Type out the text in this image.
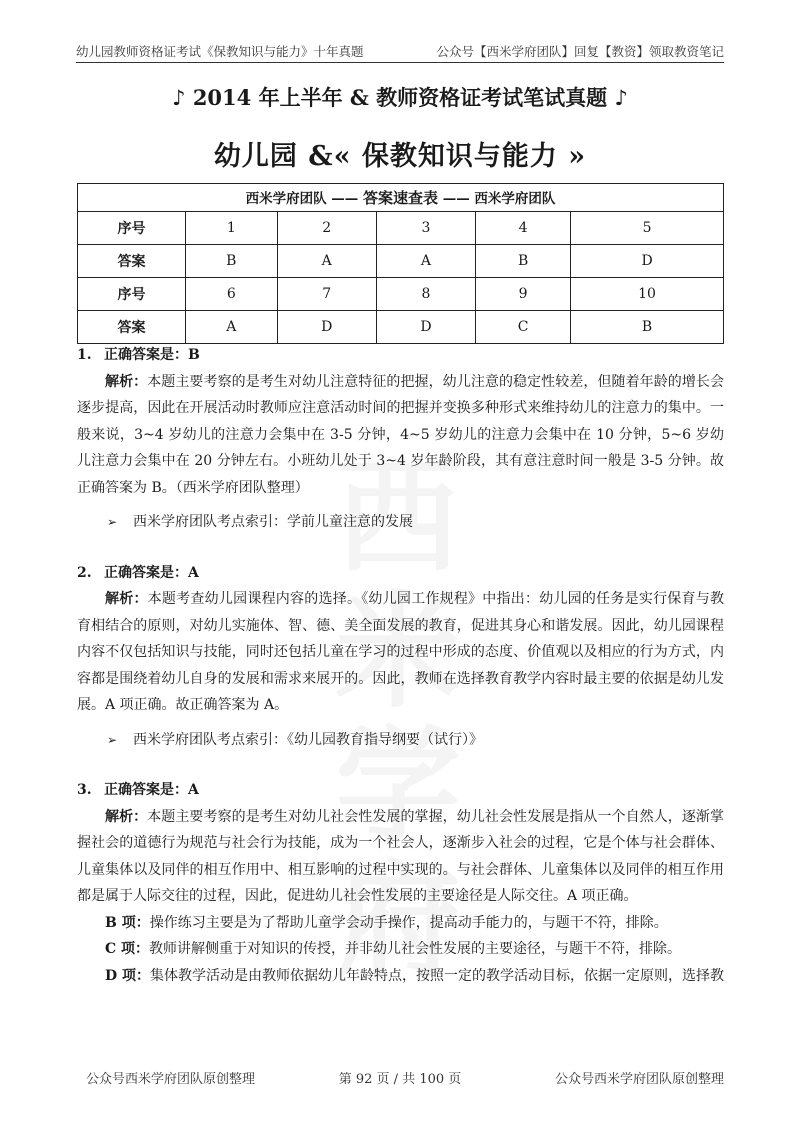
幼儿园教师资格证考试《保教知识与能力》十年真题	公众号【西米学府团队】回复【教资】领取教资笔记
♪ 2014 年上半年 & 教师资格证考试笔试真题 ♪
幼儿园 &« 保教知识与能力 »
西米学府团队 —— 答案速查表 —— 西米学府团队					
序号	1	2	3	4	5
答案	B	A	A	B	D
序号	6	7	8	9	10
答案	A	D	D	C	B

1. 正确答案是：B

解析：本题主要考察的是考生对幼儿注意特征的把握，幼儿注意的稳定性较差，但随着年龄的增长会逐步提高，因此在开展活动时教师应注意活动时间的把握并变换多种形式来维持幼儿的注意力的集中。一般来说，3~4 岁幼儿的注意力会集中在 3-5 分钟，4~5 岁幼儿的注意力会集中在 10 分钟，5~6 岁幼儿注意力会集中在 20 分钟左右。小班幼儿处于 3~4 岁年龄阶段，其有意注意时间一般是 3-5 分钟。故正确答案为 B。（西米学府团队整理）

➢ 西米学府团队考点索引：学前儿童注意的发展

2. 正确答案是：A

解析：本题考查幼儿园课程内容的选择。《幼儿园工作规程》中指出：幼儿园的任务是实行保育与教育相结合的原则，对幼儿实施体、智、德、美全面发展的教育，促进其身心和谐发展。因此，幼儿园课程内容不仅包括知识与技能，同时还包括儿童在学习的过程中形成的态度、价值观以及相应的行为方式，内容都是围绕着幼儿自身的发展和需求来展开的。因此，教师在选择教育教学内容时最主要的依据是幼儿发展。A 项正确。故正确答案为 A。

➢ 西米学府团队考点索引：《幼儿园教育指导纲要（试行）》

3. 正确答案是：A

解析：本题主要考察的是考生对幼儿社会性发展的掌握，幼儿社会性发展是指从一个自然人，逐渐掌握社会的道德行为规范与社会行为技能，成为一个社会人，逐渐步入社会的过程，它是个体与社会群体、儿童集体以及同伴的相互作用中、相互影响的过程中实现的。与社会群体、儿童集体以及同伴的相互作用都是属于人际交往的过程，因此，促进幼儿社会性发展的主要途径是人际交往。A 项正确。

B 项：操作练习主要是为了帮助儿童学会动手操作，提高动手能力的，与题干不符，排除。

C 项：教师讲解侧重于对知识的传授，并非幼儿社会性发展的主要途径，与题干不符，排除。

D 项：集体教学活动是由教师依据幼儿年龄特点，按照一定的教学活动目标，依据一定原则，选择教

公众号西米学府团队原创整理	第 92 页 / 共 100 页	公众号西米学府团队原创整理
